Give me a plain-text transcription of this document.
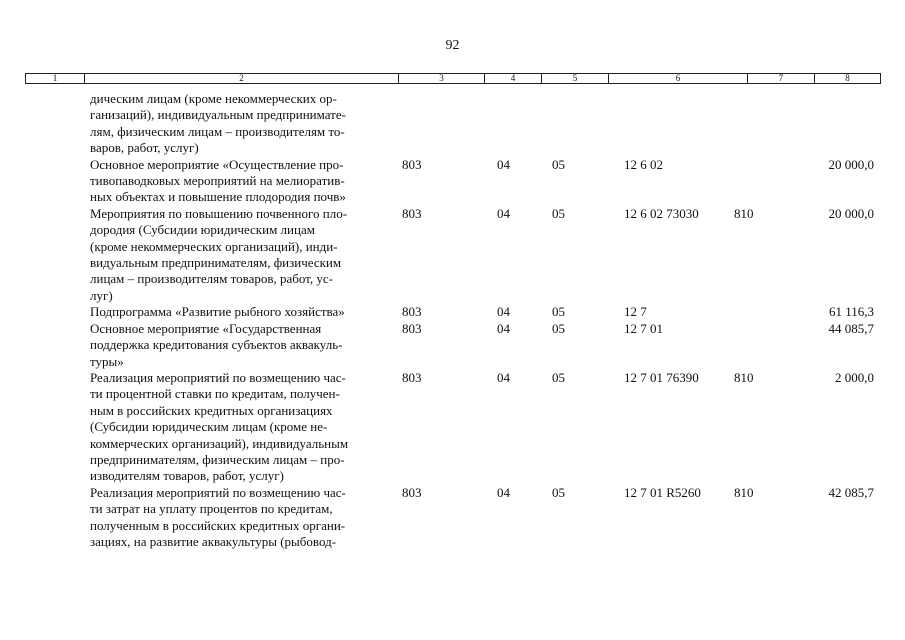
92
1	2	3	4	5	6	7	8
дическим лицам (кроме некоммерческих ор-
ганизаций), индивидуальным предпринимате-
лям, физическим лицам – производителям то-
варов, работ, услуг)
Основное мероприятие «Осуществление про-
тивопаводковых мероприятий на мелиоратив-
ных объектах и повышение плодородия почв»
803	04	05	12 6 02	20 000,0
Мероприятия по повышению почвенного пло-
дородия (Субсидии юридическим лицам
(кроме некоммерческих организаций), инди-
видуальным предпринимателям, физическим
лицам – производителям товаров, работ, ус-
луг)
803	04	05	12 6 02 73030	810	20 000,0
Подпрограмма «Развитие рыбного хозяйства»	803	04	05	12 7	61 116,3
Основное мероприятие «Государственная
поддержка кредитования субъектов аквакуль-
туры»
803	04	05	12 7 01	44 085,7
Реализация мероприятий по возмещению час-
ти процентной ставки по кредитам, получен-
ным в российских кредитных организациях
(Субсидии юридическим лицам (кроме не-
коммерческих организаций), индивидуальным
предпринимателям, физическим лицам – про-
изводителям товаров, работ, услуг)
803	04	05	12 7 01 76390	810	2 000,0
Реализация мероприятий по возмещению час-
ти затрат на уплату процентов по кредитам,
полученным в российских кредитных органи-
зациях, на развитие аквакультуры (рыбовод-
803	04	05	12 7 01 R5260	810	42 085,7
